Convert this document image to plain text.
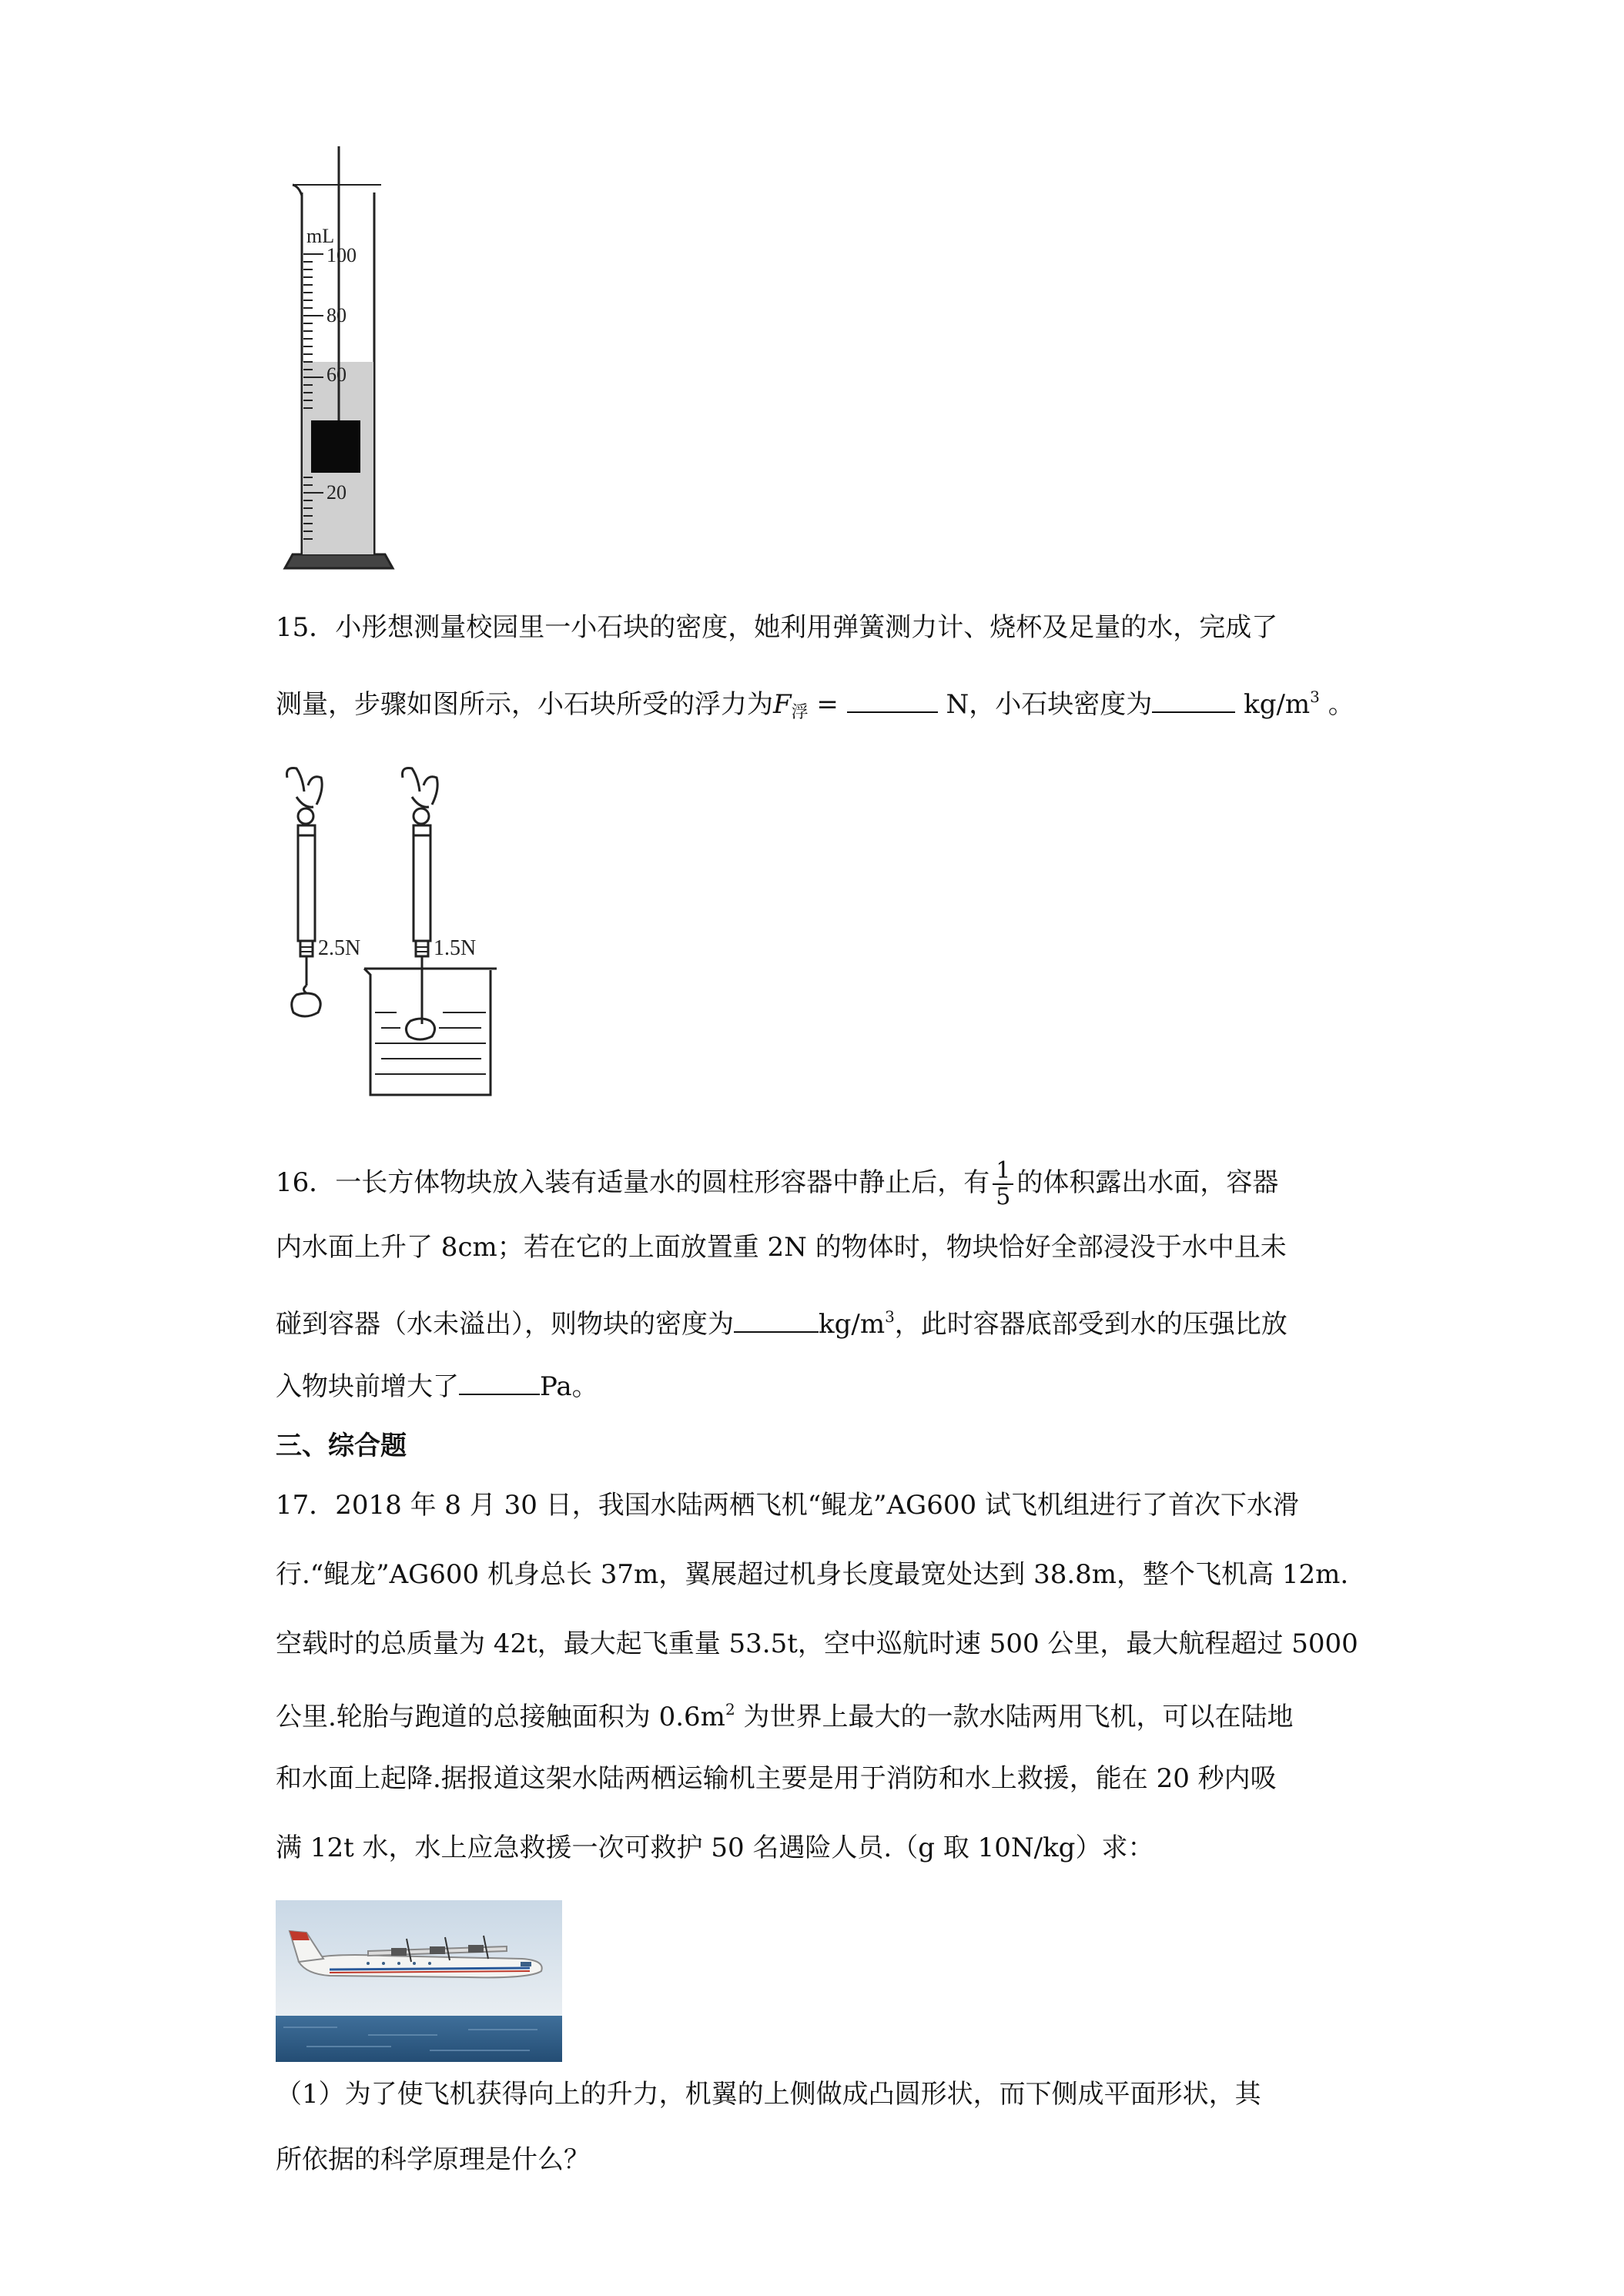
mL
100
80
60
20
15．小彤想测量校园里一小石块的密度，她利用弹簧测力计、烧杯及足量的水，完成了
测量，步骤如图所示，小石块所受的浮力为$F_浮$ =	N，小石块密度为	$kg/m^3$ 。
2.5N	1.5N
16．一长方体物块放入装有适量水的圆柱形容器中静止后，有 $\frac{1}{5}$ 的体积露出水面，容器
内水面上升了 8cm；若在它的上面放置重 2N 的物体时，物块恰好全部浸没于水中且未
碰到容器（水未溢出），则物块的密度为	$kg/m^3$，此时容器底部受到水的压强比放
入物块前增大了	Pa。
三、综合题
17．2018 年 8 月 30 日，我国水陆两栖飞机“鲲龙”AG600 试飞机组进行了首次下水滑
行.“鲲龙”AG600 机身总长 37m，翼展超过机身长度最宽处达到 38.8m，整个飞机高 12m.
空载时的总质量为 42t，最大起飞重量 53.5t，空中巡航时速 500 公里，最大航程超过 5000
公里.轮胎与跑道的总接触面积为 $0.6m^2$ 为世界上最大的一款水陆两用飞机，可以在陆地
和水面上起降.据报道这架水陆两栖运输机主要是用于消防和水上救援，能在 20 秒内吸
满 12t 水，水上应急救援一次可救护 50 名遇险人员.（g 取 10N/kg）求：
（1）为了使飞机获得向上的升力，机翼的上侧做成凸圆形状，而下侧成平面形状，其
所依据的科学原理是什么？
